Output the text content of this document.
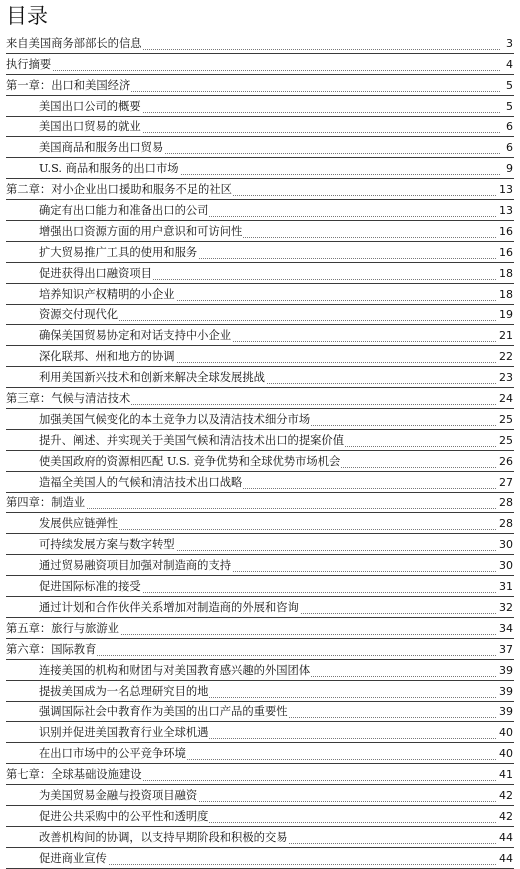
目录
来自美国商务部部长的信息	3
执行摘要	4
第一章：出口和美国经济	5
美国出口公司的概要	5
美国出口贸易的就业	6
美国商品和服务出口贸易	6
U.S. 商品和服务的出口市场	9
第二章：对小企业出口援助和服务不足的社区	13
确定有出口能力和准备出口的公司	13
增强出口资源方面的用户意识和可访问性	16
扩大贸易推广工具的使用和服务	16
促进获得出口融资项目	18
培养知识产权精明的小企业	18
资源交付现代化	19
确保美国贸易协定和对话支持中小企业	21
深化联邦、州和地方的协调	22
利用美国新兴技术和创新来解决全球发展挑战	23
第三章：气候与清洁技术	24
加强美国气候变化的本土竞争力以及清洁技术细分市场	25
提升、阐述、并实现关于美国气候和清洁技术出口的提案价值	25
使美国政府的资源相匹配 U.S. 竞争优势和全球优势市场机会	26
造福全美国人的气候和清洁技术出口战略	27
第四章：制造业	28
发展供应链弹性	28
可持续发展方案与数字转型	30
通过贸易融资项目加强对制造商的支持	30
促进国际标准的接受	31
通过计划和合作伙伴关系增加对制造商的外展和咨询	32
第五章：旅行与旅游业	34
第六章：国际教育	37
连接美国的机构和财团与对美国教育感兴趣的外国团体	39
提拔美国成为一名总理研究目的地	39
强调国际社会中教育作为美国的出口产品的重要性	39
识别并促进美国教育行业全球机遇	40
在出口市场中的公平竞争环境	40
第七章：全球基础设施建设	41
为美国贸易金融与投资项目融资	42
促进公共采购中的公平性和透明度	42
改善机构间的协调，以支持早期阶段和积极的交易	44
促进商业宣传	44
